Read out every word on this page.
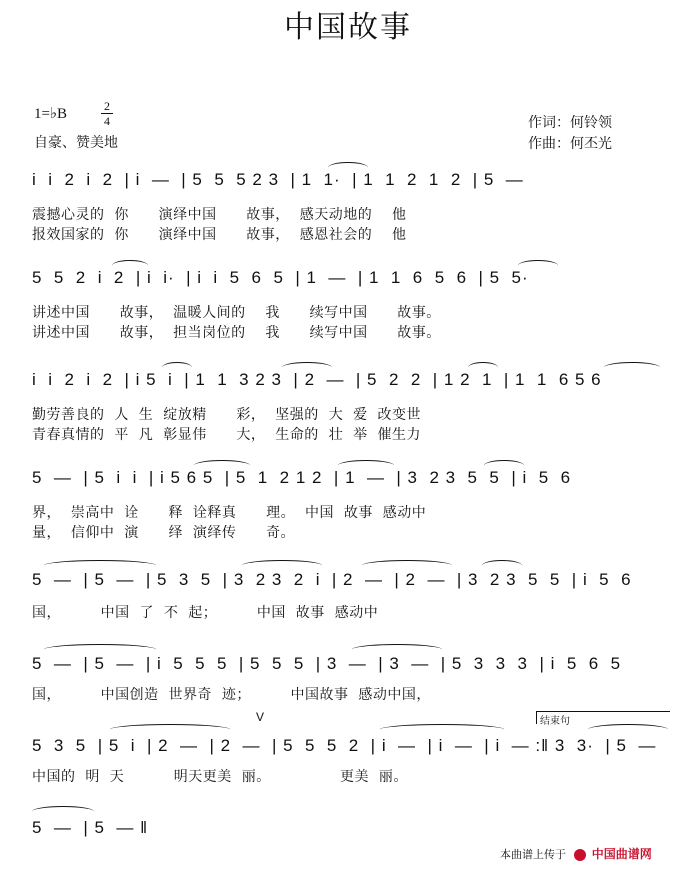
中国故事
1=♭B	2
4
自豪、赞美地
作词：何铃领
作曲：何丕光
i  i  2  i  2  | i  —  | 5  5  5 2 3  | 1  1·  | 1  1  2  1  2  | 5  —
震撼心灵的  你      演绎中国      故事，  感天动地的    他
报效国家的  你      演绎中国      故事，  感恩社会的    他
5  5  2  i  2  | i  i·  | i  i  5  6  5  | 1  —  | 1  1  6  5  6  | 5  5·
讲述中国      故事，  温暖人间的    我      续写中国      故事。
讲述中国      故事，  担当岗位的    我      续写中国      故事。
i  i  2  i  2  | i 5  i  | 1  1  3 2 3  | 2  —  | 5  2  2  | 1 2  1  | 1  1  6 5 6
勤劳善良的  人  生  绽放精      彩，  坚强的  大  爱  改变世
青春真情的  平  凡  彰显伟      大，  生命的  壮  举  催生力
5  —  | 5  i  i  | i 5 6 5  | 5  1  2 1 2  | 1  —  | 3  2 3  5  5  | i  5  6
界，  崇高中  诠      释  诠释真      理。  中国  故事  感动中
量，  信仰中  演      绎  演绎传      奇。
5  —  | 5  —  | 5  3  5  | 3  2 3  2  i  | 2  —  | 2  —  | 3  2 3  5  5  | i  5  6
国，        中国  了  不  起；        中国  故事  感动中
5  —  | 5  —  | i  5  5  5  | 5  5  5  | 3  —  | 3  —  | 5  3  3  3  | i  5  6  5
国，        中国创造  世界奇  迹；        中国故事  感动中国，
结束句
V
5  3  5  | 5  i  | 2  —  | 2  —  | 5  5  5  2  | i  —  | i  —  | i  — :‖ 3  3·  | 5  —
中国的  明  天          明天更美  丽。              更美  丽。
5  —  | 5  — ‖
本曲谱上传于 中国曲谱网
